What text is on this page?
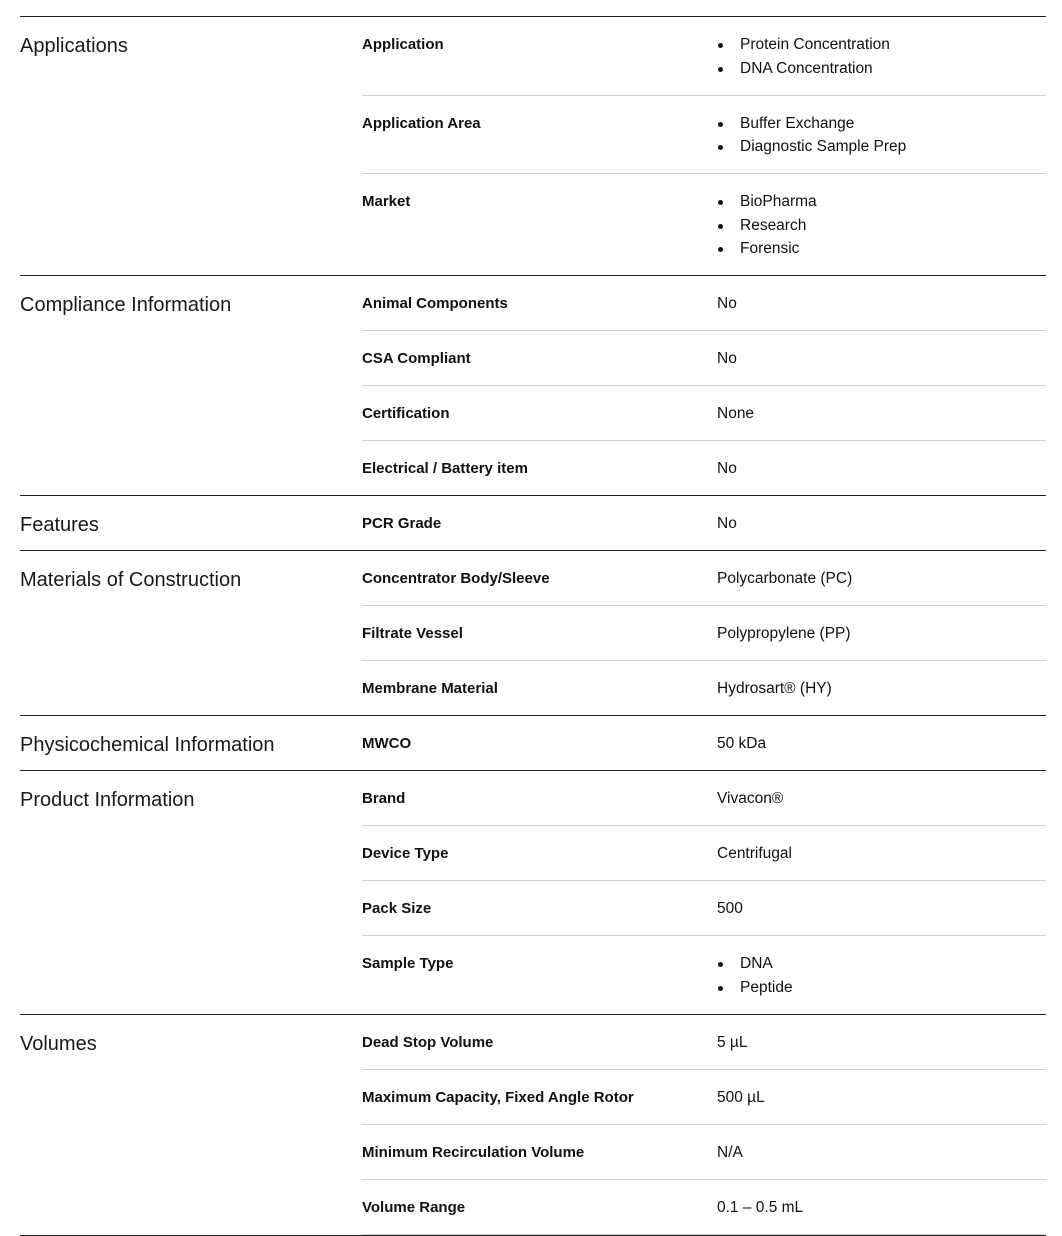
Applications	Application	Protein Concentration
DNA Concentration
Application Area	Buffer Exchange
Diagnostic Sample Prep
Market	BioPharma
Research
Forensic
Compliance Information	Animal Components	No
CSA Compliant	No
Certification	None
Electrical / Battery item	No
Features	PCR Grade	No
Materials of Construction	Concentrator Body/Sleeve	Polycarbonate (PC)
Filtrate Vessel	Polypropylene (PP)
Membrane Material	Hydrosart® (HY)
Physicochemical Information	MWCO	50 kDa
Product Information	Brand	Vivacon®
Device Type	Centrifugal
Pack Size	500
Sample Type	DNA
Peptide
Volumes	Dead Stop Volume	5 µL
Maximum Capacity, Fixed Angle Rotor	500 µL
Minimum Recirculation Volume	N/A
Volume Range	0.1 – 0.5 mL
